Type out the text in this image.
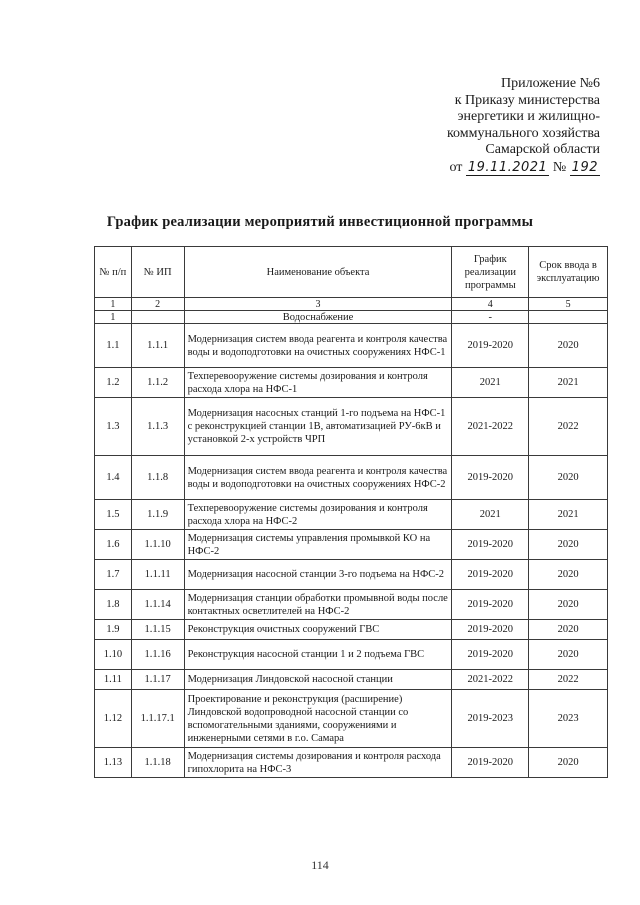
Приложение №6
к Приказу министерства
энергетики и жилищно-
коммунального хозяйства
Самарской области
от 19.11.2021 № 192
График реализации мероприятий инвестиционной программы
№ п/п	№ ИП	Наименование объекта	График реализации программы	Срок ввода в эксплуатацию
1	2	3	4	5
1		Водоснабжение	-	
1.1	1.1.1	Модернизация систем ввода реагента и контроля качества воды и водоподготовки на очистных сооружениях НФС-1	2019-2020	2020
1.2	1.1.2	Техперевооружение системы дозирования и контроля расхода хлора на НФС-1	2021	2021
1.3	1.1.3	Модернизация насосных станций 1-го подъема на НФС-1 с реконструкцией станции 1В, автоматизацией РУ-6кВ и установкой 2-х устройств ЧРП	2021-2022	2022
1.4	1.1.8	Модернизация систем ввода реагента и контроля качества воды и водоподготовки на очистных сооружениях НФС-2	2019-2020	2020
1.5	1.1.9	Техперевооружение системы дозирования и контроля расхода хлора на НФС-2	2021	2021
1.6	1.1.10	Модернизация системы управления промывкой КО на НФС-2	2019-2020	2020
1.7	1.1.11	Модернизация насосной станции 3-го подъема на НФС-2	2019-2020	2020
1.8	1.1.14	Модернизация станции обработки промывной воды после контактных осветлителей на НФС-2	2019-2020	2020
1.9	1.1.15	Реконструкция очистных сооружений ГВС	2019-2020	2020
1.10	1.1.16	Реконструкция насосной станции 1 и 2 подъема ГВС	2019-2020	2020
1.11	1.1.17	Модернизация Линдовской насосной станции	2021-2022	2022
1.12	1.1.17.1	Проектирование и реконструкция (расширение) Линдовской водопроводной насосной станции со вспомогательными зданиями, сооружениями и инженерными сетями в г.о. Самара	2019-2023	2023
1.13	1.1.18	Модернизация системы дозирования и контроля расхода гипохлорита на НФС-3	2019-2020	2020
114
